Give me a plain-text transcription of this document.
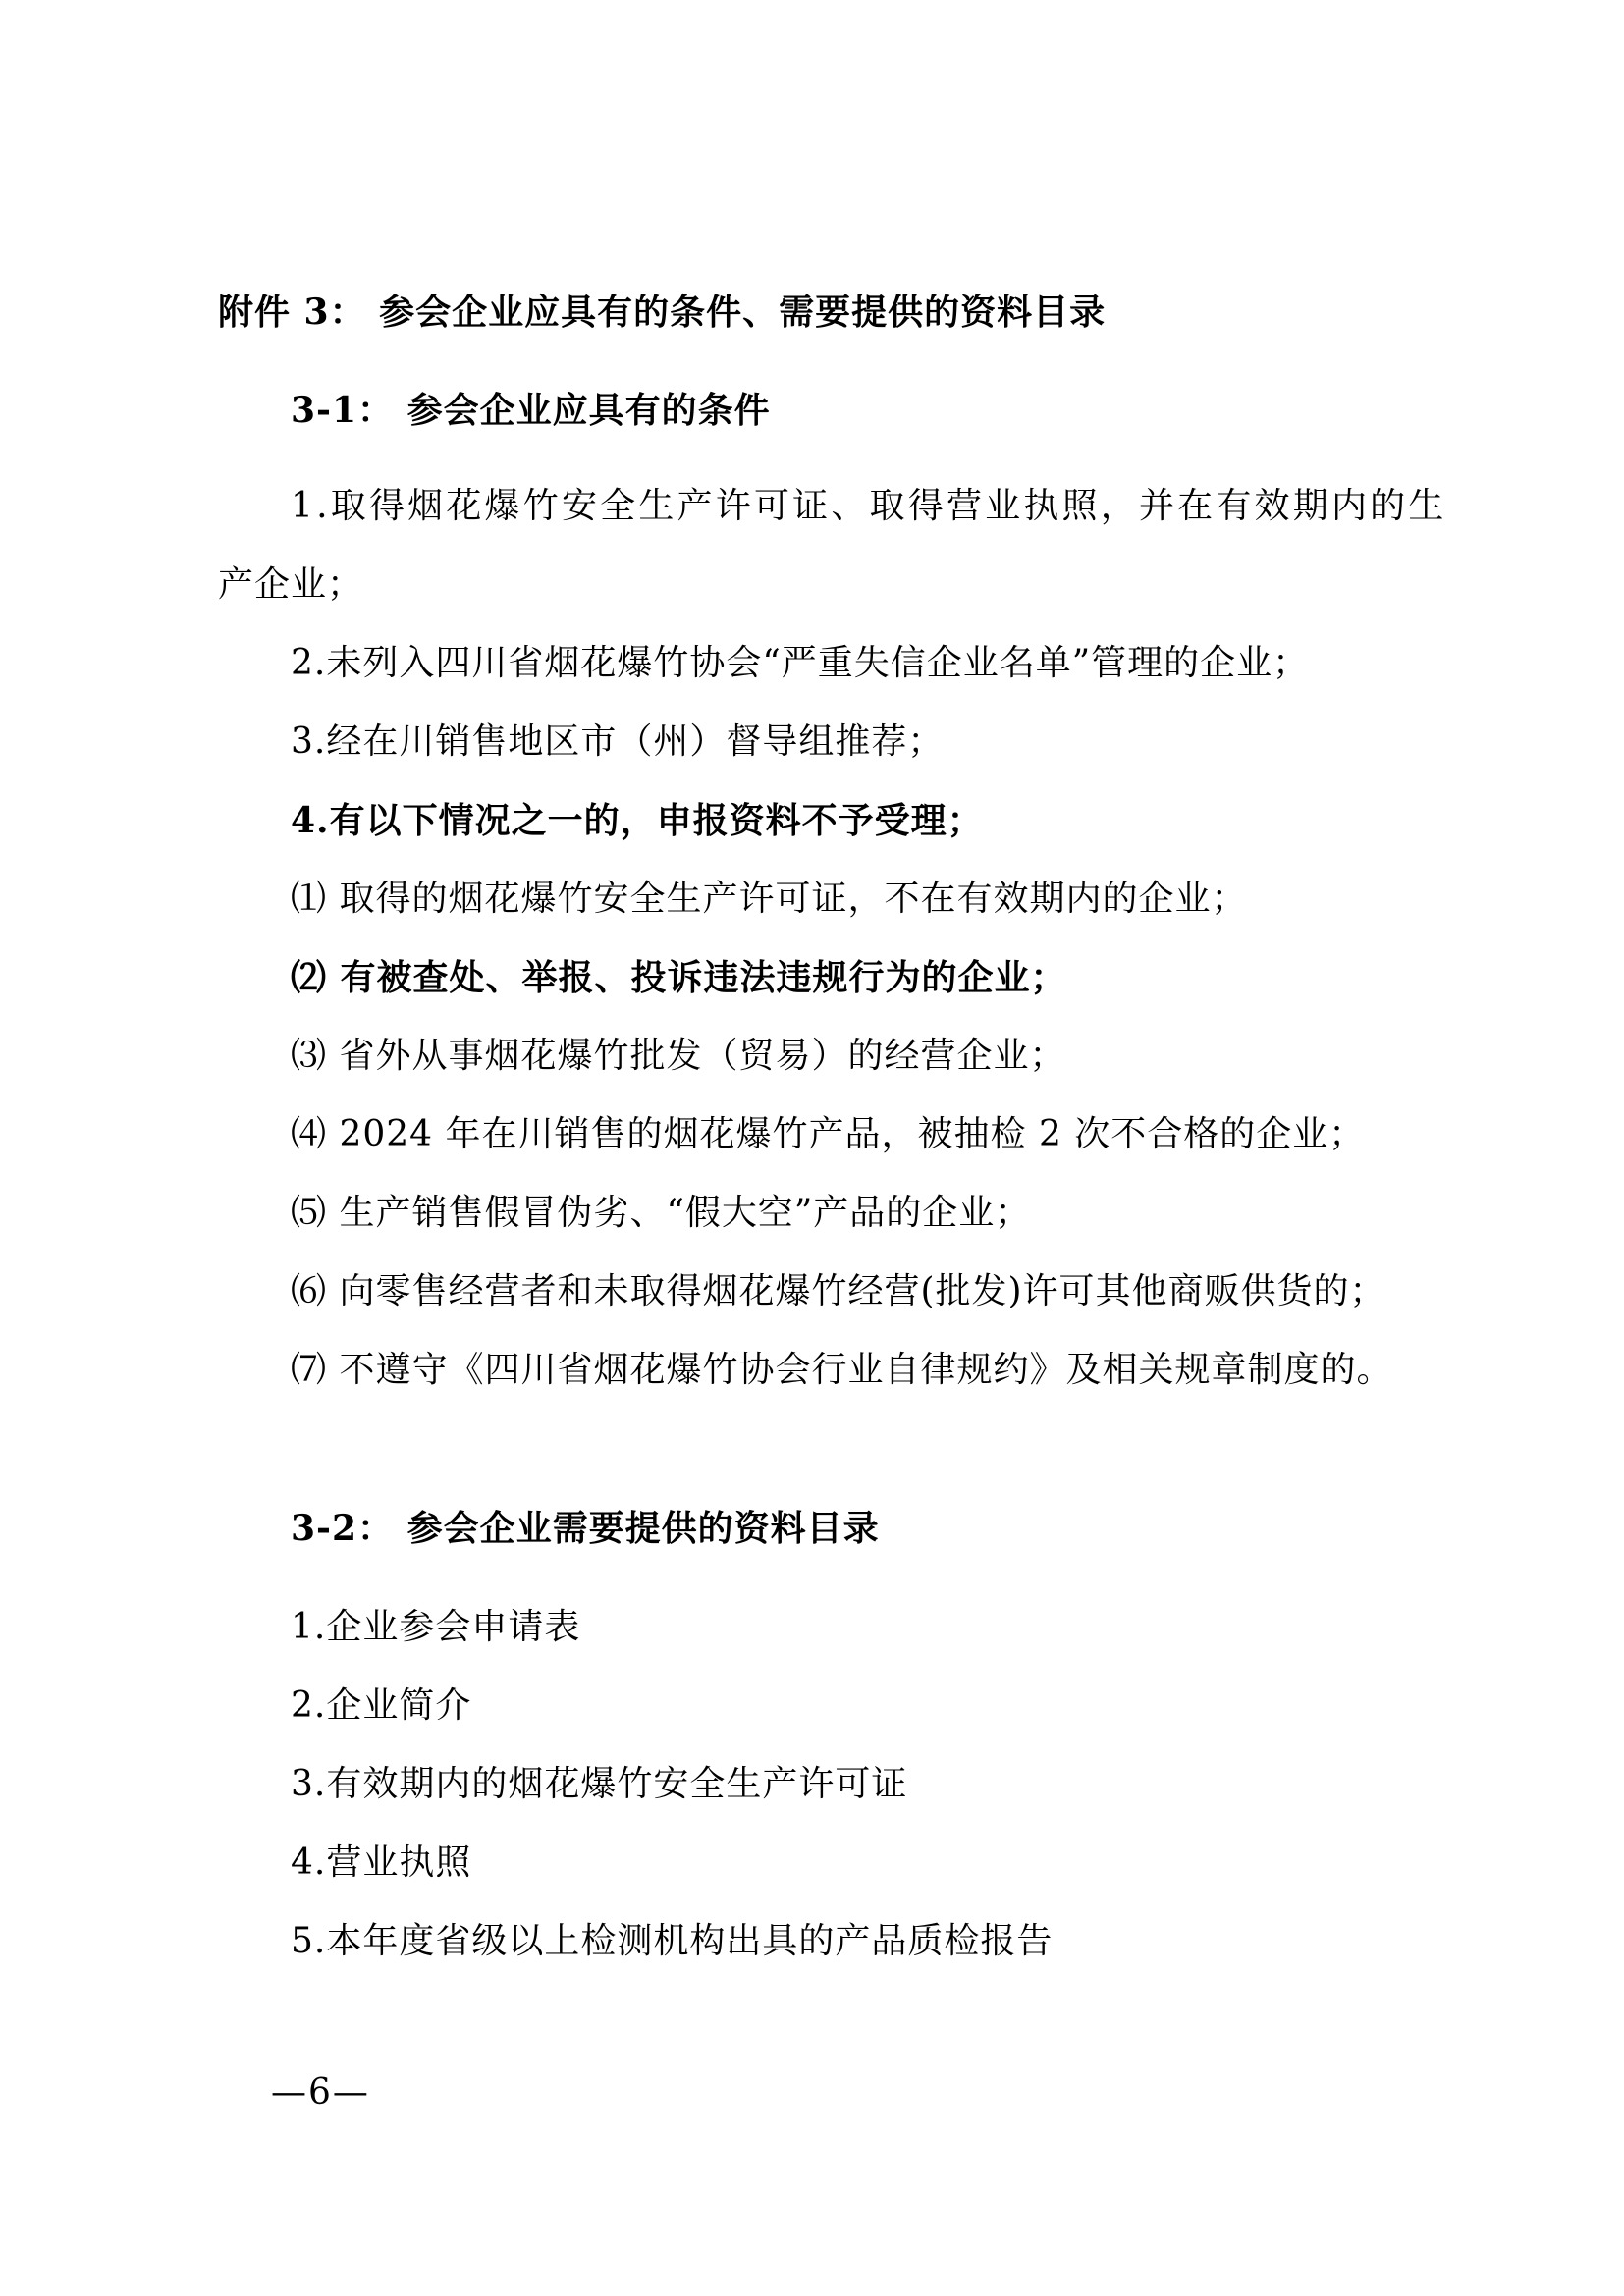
附件 3： 参会企业应具有的条件、需要提供的资料目录
3-1： 参会企业应具有的条件
1.取得烟花爆竹安全生产许可证、取得营业执照，并在有效期内的生
产企业；
2.未列入四川省烟花爆竹协会“严重失信企业名单”管理的企业；
3.经在川销售地区市（州）督导组推荐；
4.有以下情况之一的，申报资料不予受理；
⑴ 取得的烟花爆竹安全生产许可证，不在有效期内的企业；
⑵ 有被查处、举报、投诉违法违规行为的企业；
⑶ 省外从事烟花爆竹批发（贸易）的经营企业；
⑷ 2024 年在川销售的烟花爆竹产品，被抽检 2 次不合格的企业；
⑸ 生产销售假冒伪劣、“假大空”产品的企业；
⑹ 向零售经营者和未取得烟花爆竹经营(批发)许可其他商贩供货的；
⑺ 不遵守《四川省烟花爆竹协会行业自律规约》及相关规章制度的。
3-2： 参会企业需要提供的资料目录
1.企业参会申请表
2.企业简介
3.有效期内的烟花爆竹安全生产许可证
4.营业执照
5.本年度省级以上检测机构出具的产品质检报告
—6—
